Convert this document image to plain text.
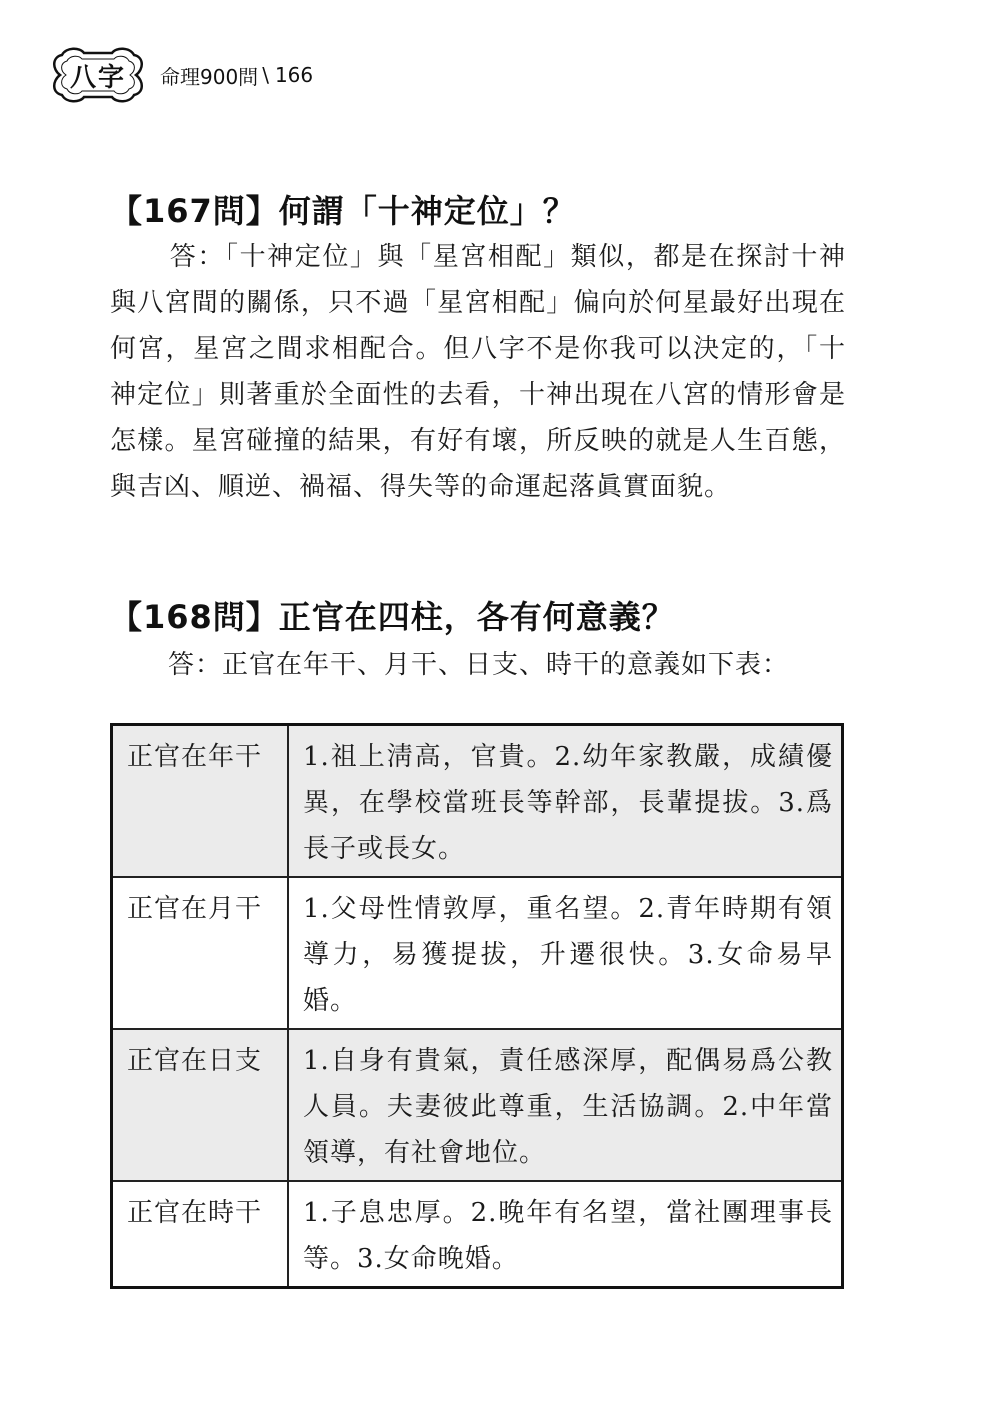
八字 命理900問 \ 166
【167問】何謂「十神定位」？
答：「十神定位」與「星宮相配」類似，都是在探討十神與八宮間的關係，只不過「星宮相配」偏向於何星最好出現在何宮，星宮之間求相配合。但八字不是你我可以決定的，「十神定位」則著重於全面性的去看，十神出現在八宮的情形會是怎樣。星宮碰撞的結果，有好有壞，所反映的就是人生百態，與吉凶、順逆、禍福、得失等的命運起落眞實面貌。
【168問】正官在四柱，各有何意義？
答：正官在年干、月干、日支、時干的意義如下表：
正官在年干	1.祖上淸高，官貴。2.幼年家教嚴，成績優異，在學校當班長等幹部，長輩提拔。3.爲長子或長女。
正官在月干	1.父母性情敦厚，重名望。2.青年時期有領導力，易獲提拔，升遷很快。3.女命易早婚。
正官在日支	1.自身有貴氣，責任感深厚，配偶易爲公教人員。夫妻彼此尊重，生活協調。2.中年當領導，有社會地位。
正官在時干	1.子息忠厚。2.晚年有名望，當社團理事長等。3.女命晚婚。
